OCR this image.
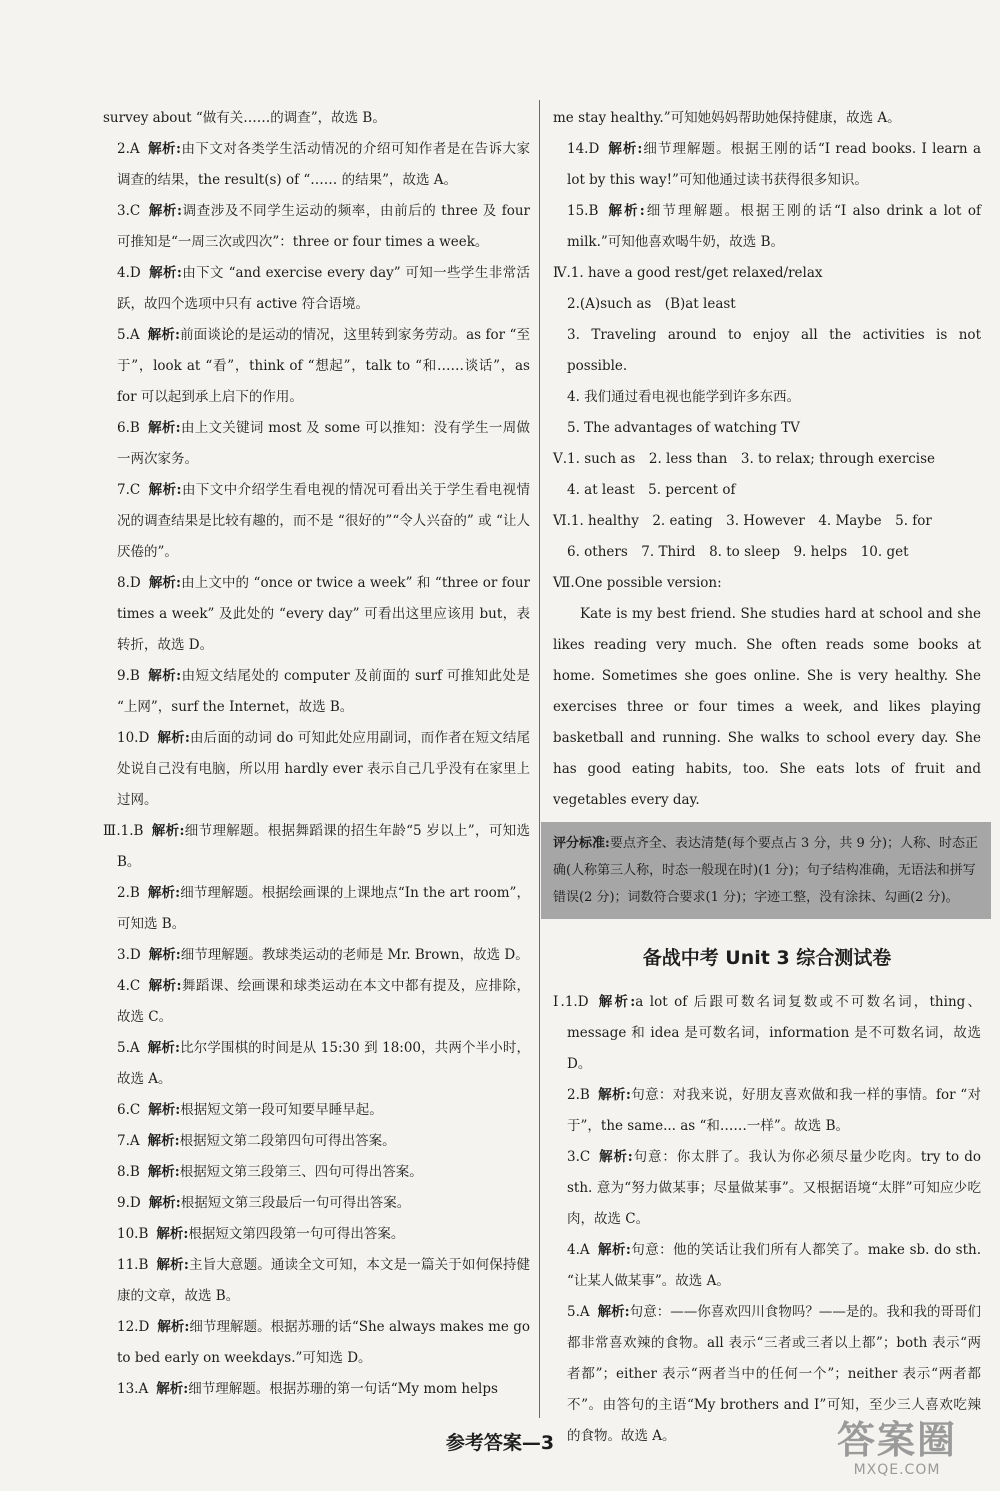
survey about “做有关……的调查”，故选 B。
2.A 解析:由下文对各类学生活动情况的介绍可知作者是在告诉大家调查的结果，the result(s) of “…… 的结果”，故选 A。
3.C 解析:调查涉及不同学生运动的频率，由前后的 three 及 four 可推知是“一周三次或四次”：three or four times a week。
4.D 解析:由下文 “and exercise every day” 可知一些学生非常活跃，故四个选项中只有 active 符合语境。
5.A 解析:前面谈论的是运动的情况，这里转到家务劳动。as for “至于”，look at “看”，think of “想起”，talk to “和……谈话”，as for 可以起到承上启下的作用。
6.B 解析:由上文关键词 most 及 some 可以推知：没有学生一周做一两次家务。
7.C 解析:由下文中介绍学生看电视的情况可看出关于学生看电视情况的调查结果是比较有趣的，而不是 “很好的”“令人兴奋的” 或 “让人厌倦的”。
8.D 解析:由上文中的 “once or twice a week” 和 “three or four times a week” 及此处的 “every day” 可看出这里应该用 but，表转折，故选 D。
9.B 解析:由短文结尾处的 computer 及前面的 surf 可推知此处是 “上网”，surf the Internet，故选 B。
10.D 解析:由后面的动词 do 可知此处应用副词，而作者在短文结尾处说自己没有电脑，所以用 hardly ever 表示自己几乎没有在家里上过网。
Ⅲ.1.B 解析:细节理解题。根据舞蹈课的招生年龄“5 岁以上”，可知选 B。
2.B 解析:细节理解题。根据绘画课的上课地点“In the art room”，可知选 B。
3.D 解析:细节理解题。教球类运动的老师是 Mr. Brown，故选 D。
4.C 解析:舞蹈课、绘画课和球类运动在本文中都有提及，应排除，故选 C。
5.A 解析:比尔学围棋的时间是从 15:30 到 18:00，共两个半小时，故选 A。
6.C 解析:根据短文第一段可知要早睡早起。
7.A 解析:根据短文第二段第四句可得出答案。
8.B 解析:根据短文第三段第三、四句可得出答案。
9.D 解析:根据短文第三段最后一句可得出答案。
10.B 解析:根据短文第四段第一句可得出答案。
11.B 解析:主旨大意题。通读全文可知，本文是一篇关于如何保持健康的文章，故选 B。
12.D 解析:细节理解题。根据苏珊的话“She always makes me go to bed early on weekdays.”可知选 D。
13.A 解析:细节理解题。根据苏珊的第一句话“My mom helps
me stay healthy.”可知她妈妈帮助她保持健康，故选 A。
14.D 解析:细节理解题。根据王刚的话“I read books. I learn a lot by this way!”可知他通过读书获得很多知识。
15.B 解析:细节理解题。根据王刚的话“I also drink a lot of milk.”可知他喜欢喝牛奶，故选 B。
Ⅳ.1. have a good rest/get relaxed/relax
2.(A)such as　(B)at least
3. Traveling around to enjoy all the activities is not possible.
4. 我们通过看电视也能学到许多东西。
5. The advantages of watching TV
Ⅴ.1. such as　2. less than　3. to relax; through exercise
4. at least　5. percent of
Ⅵ.1. healthy　2. eating　3. However　4. Maybe　5. for
6. others　7. Third　8. to sleep　9. helps　10. get
Ⅶ.One possible version:
Kate is my best friend. She studies hard at school and she likes reading very much. She often reads some books at home. Sometimes she goes online. She is very healthy. She exercises three or four times a week, and likes playing basketball and running. She walks to school every day. She has good eating habits, too. She eats lots of fruit and vegetables every day.
评分标准:要点齐全、表达清楚(每个要点占 3 分，共 9 分)；人称、时态正确(人称第三人称，时态一般现在时)(1 分)；句子结构准确，无语法和拼写错误(2 分)；词数符合要求(1 分)；字迹工整，没有涂抹、勾画(2 分)。
备战中考 Unit 3 综合测试卷
Ⅰ.1.D 解析:a lot of 后跟可数名词复数或不可数名词，thing、message 和 idea 是可数名词，information 是不可数名词，故选 D。
2.B 解析:句意：对我来说，好朋友喜欢做和我一样的事情。for “对于”，the same... as “和……一样”。故选 B。
3.C 解析:句意：你太胖了。我认为你必须尽量少吃肉。try to do sth. 意为“努力做某事；尽量做某事”。又根据语境“太胖”可知应少吃肉，故选 C。
4.A 解析:句意：他的笑话让我们所有人都笑了。make sb. do sth. “让某人做某事”。故选 A。
5.A 解析:句意：——你喜欢四川食物吗？——是的。我和我的哥哥们都非常喜欢辣的食物。all 表示“三者或三者以上都”；both 表示“两者都”；either 表示“两者当中的任何一个”；neither 表示“两者都不”。由答句的主语“My brothers and I”可知，至少三人喜欢吃辣的食物。故选 A。
参考答案—3	答案圈
MXQE.COM
